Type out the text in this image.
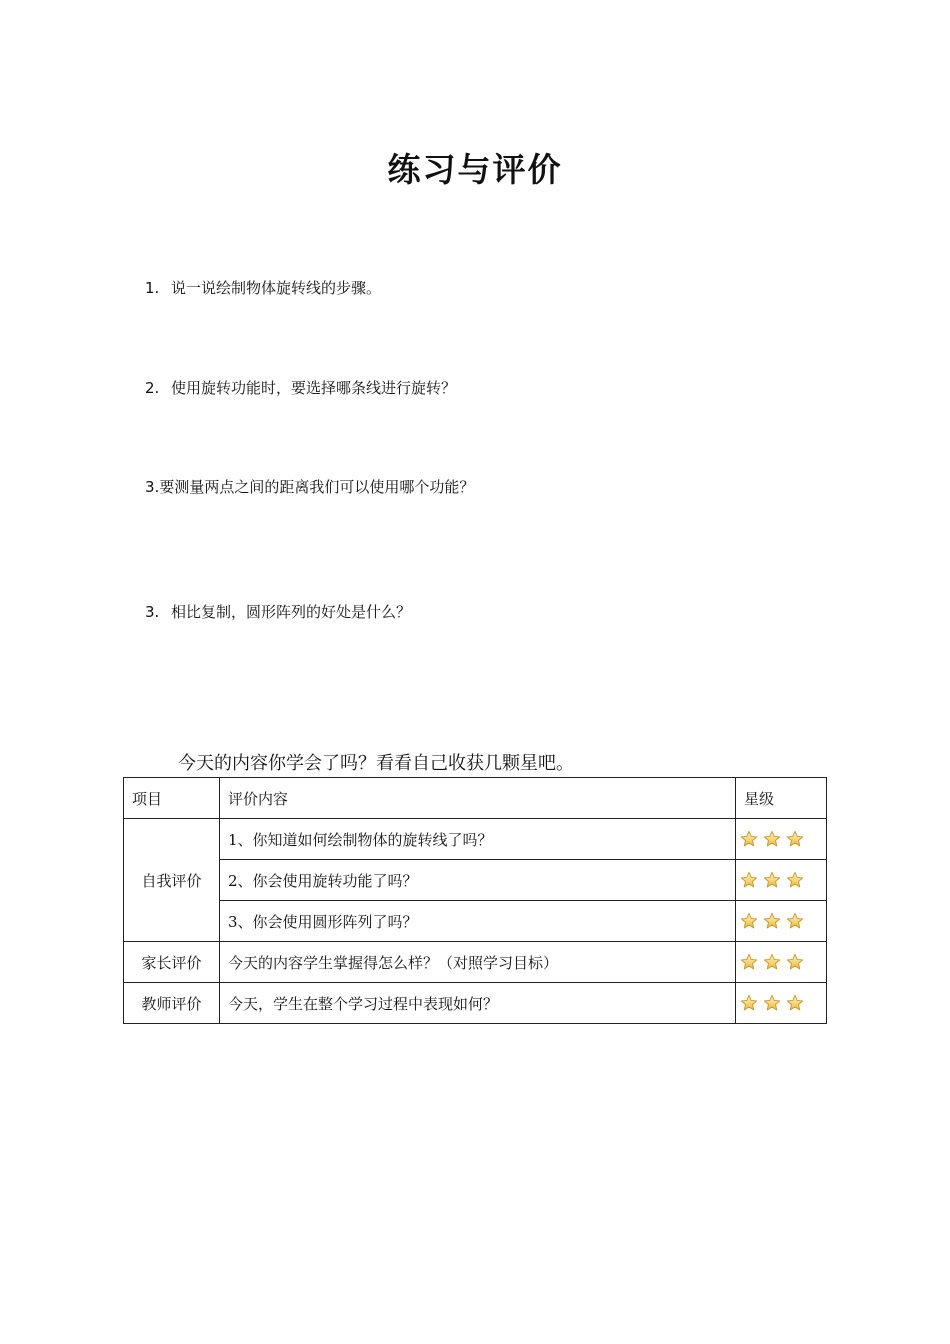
练习与评价
1. 说一说绘制物体旋转线的步骤。
2. 使用旋转功能时，要选择哪条线进行旋转？
3.要测量两点之间的距离我们可以使用哪个功能？
3. 相比复制，圆形阵列的好处是什么？
今天的内容你学会了吗？看看自己收获几颗星吧。
项目	评价内容	星级
自我评价	1、你知道如何绘制物体的旋转线了吗？	

	2、你会使用旋转功能了吗？	

	3、你会使用圆形阵列了吗？	

家长评价	今天的内容学生掌握得怎么样？（对照学习目标）	

教师评价	今天，学生在整个学习过程中表现如何？	
